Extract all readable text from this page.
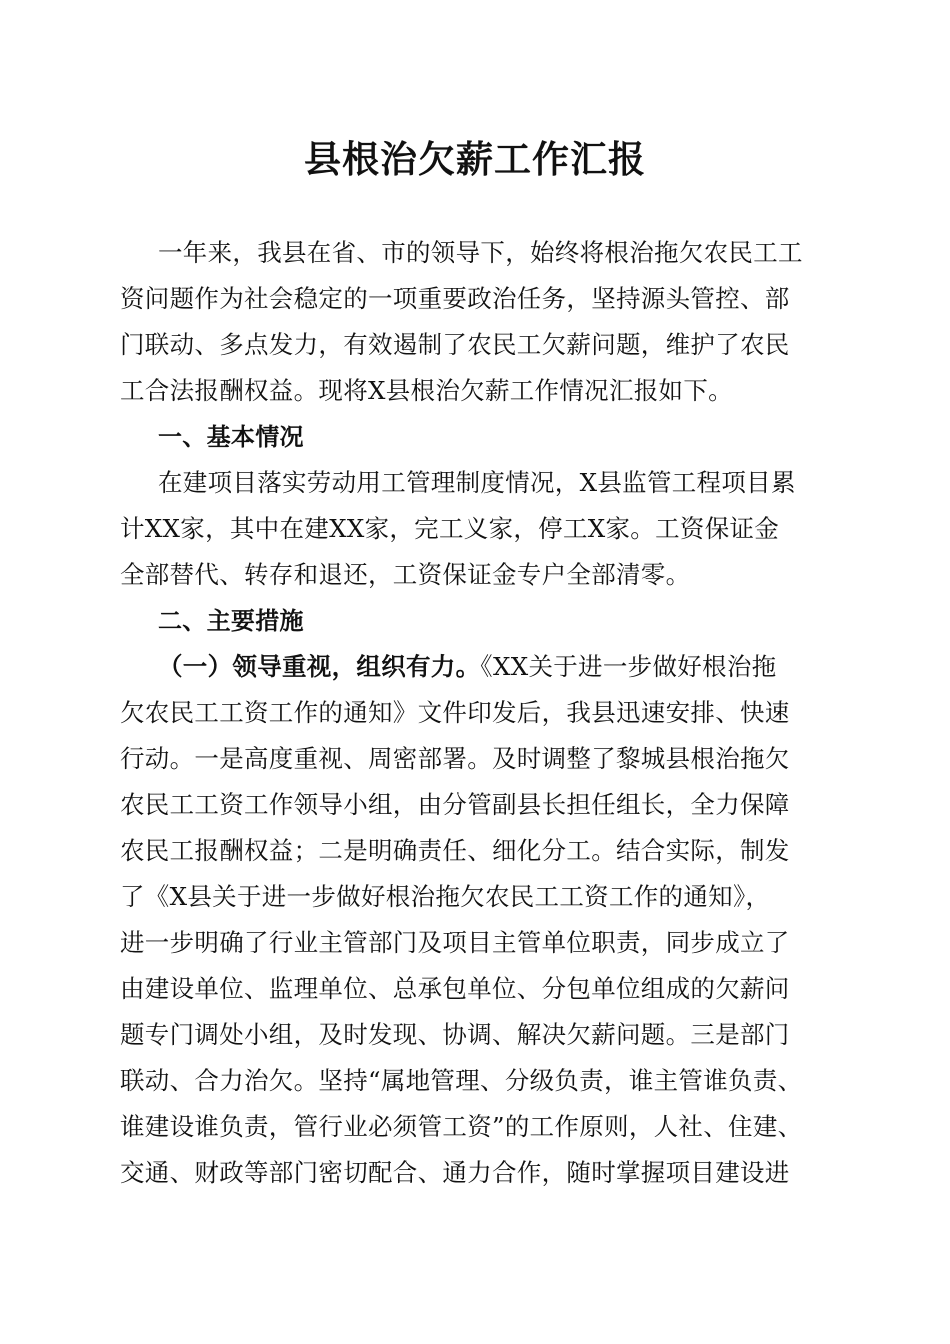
县根治欠薪工作汇报
一年来，我县在省、市的领导下，始终将根治拖欠农民工工
资问题作为社会稳定的一项重要政治任务，坚持源头管控、部
门联动、多点发力，有效遏制了农民工欠薪问题，维护了农民
工合法报酬权益。现将X县根治欠薪工作情况汇报如下。
一、基本情况
在建项目落实劳动用工管理制度情况，X县监管工程项目累
计XX家，其中在建XX家，完工义家，停工X家。工资保证金
全部替代、转存和退还，工资保证金专户全部清零。
二、主要措施
（一）领导重视，组织有力。《XX关于进一步做好根治拖
欠农民工工资工作的通知》文件印发后，我县迅速安排、快速
行动。一是高度重视、周密部署。及时调整了黎城县根治拖欠
农民工工资工作领导小组，由分管副县长担任组长，全力保障
农民工报酬权益；二是明确责任、细化分工。结合实际，制发
了《X县关于进一步做好根治拖欠农民工工资工作的通知》，
进一步明确了行业主管部门及项目主管单位职责，同步成立了
由建设单位、监理单位、总承包单位、分包单位组成的欠薪问
题专门调处小组，及时发现、协调、解决欠薪问题。三是部门
联动、合力治欠。坚持“属地管理、分级负责，谁主管谁负责、
谁建设谁负责，管行业必须管工资”的工作原则，人社、住建、
交通、财政等部门密切配合、通力合作，随时掌握项目建设进
